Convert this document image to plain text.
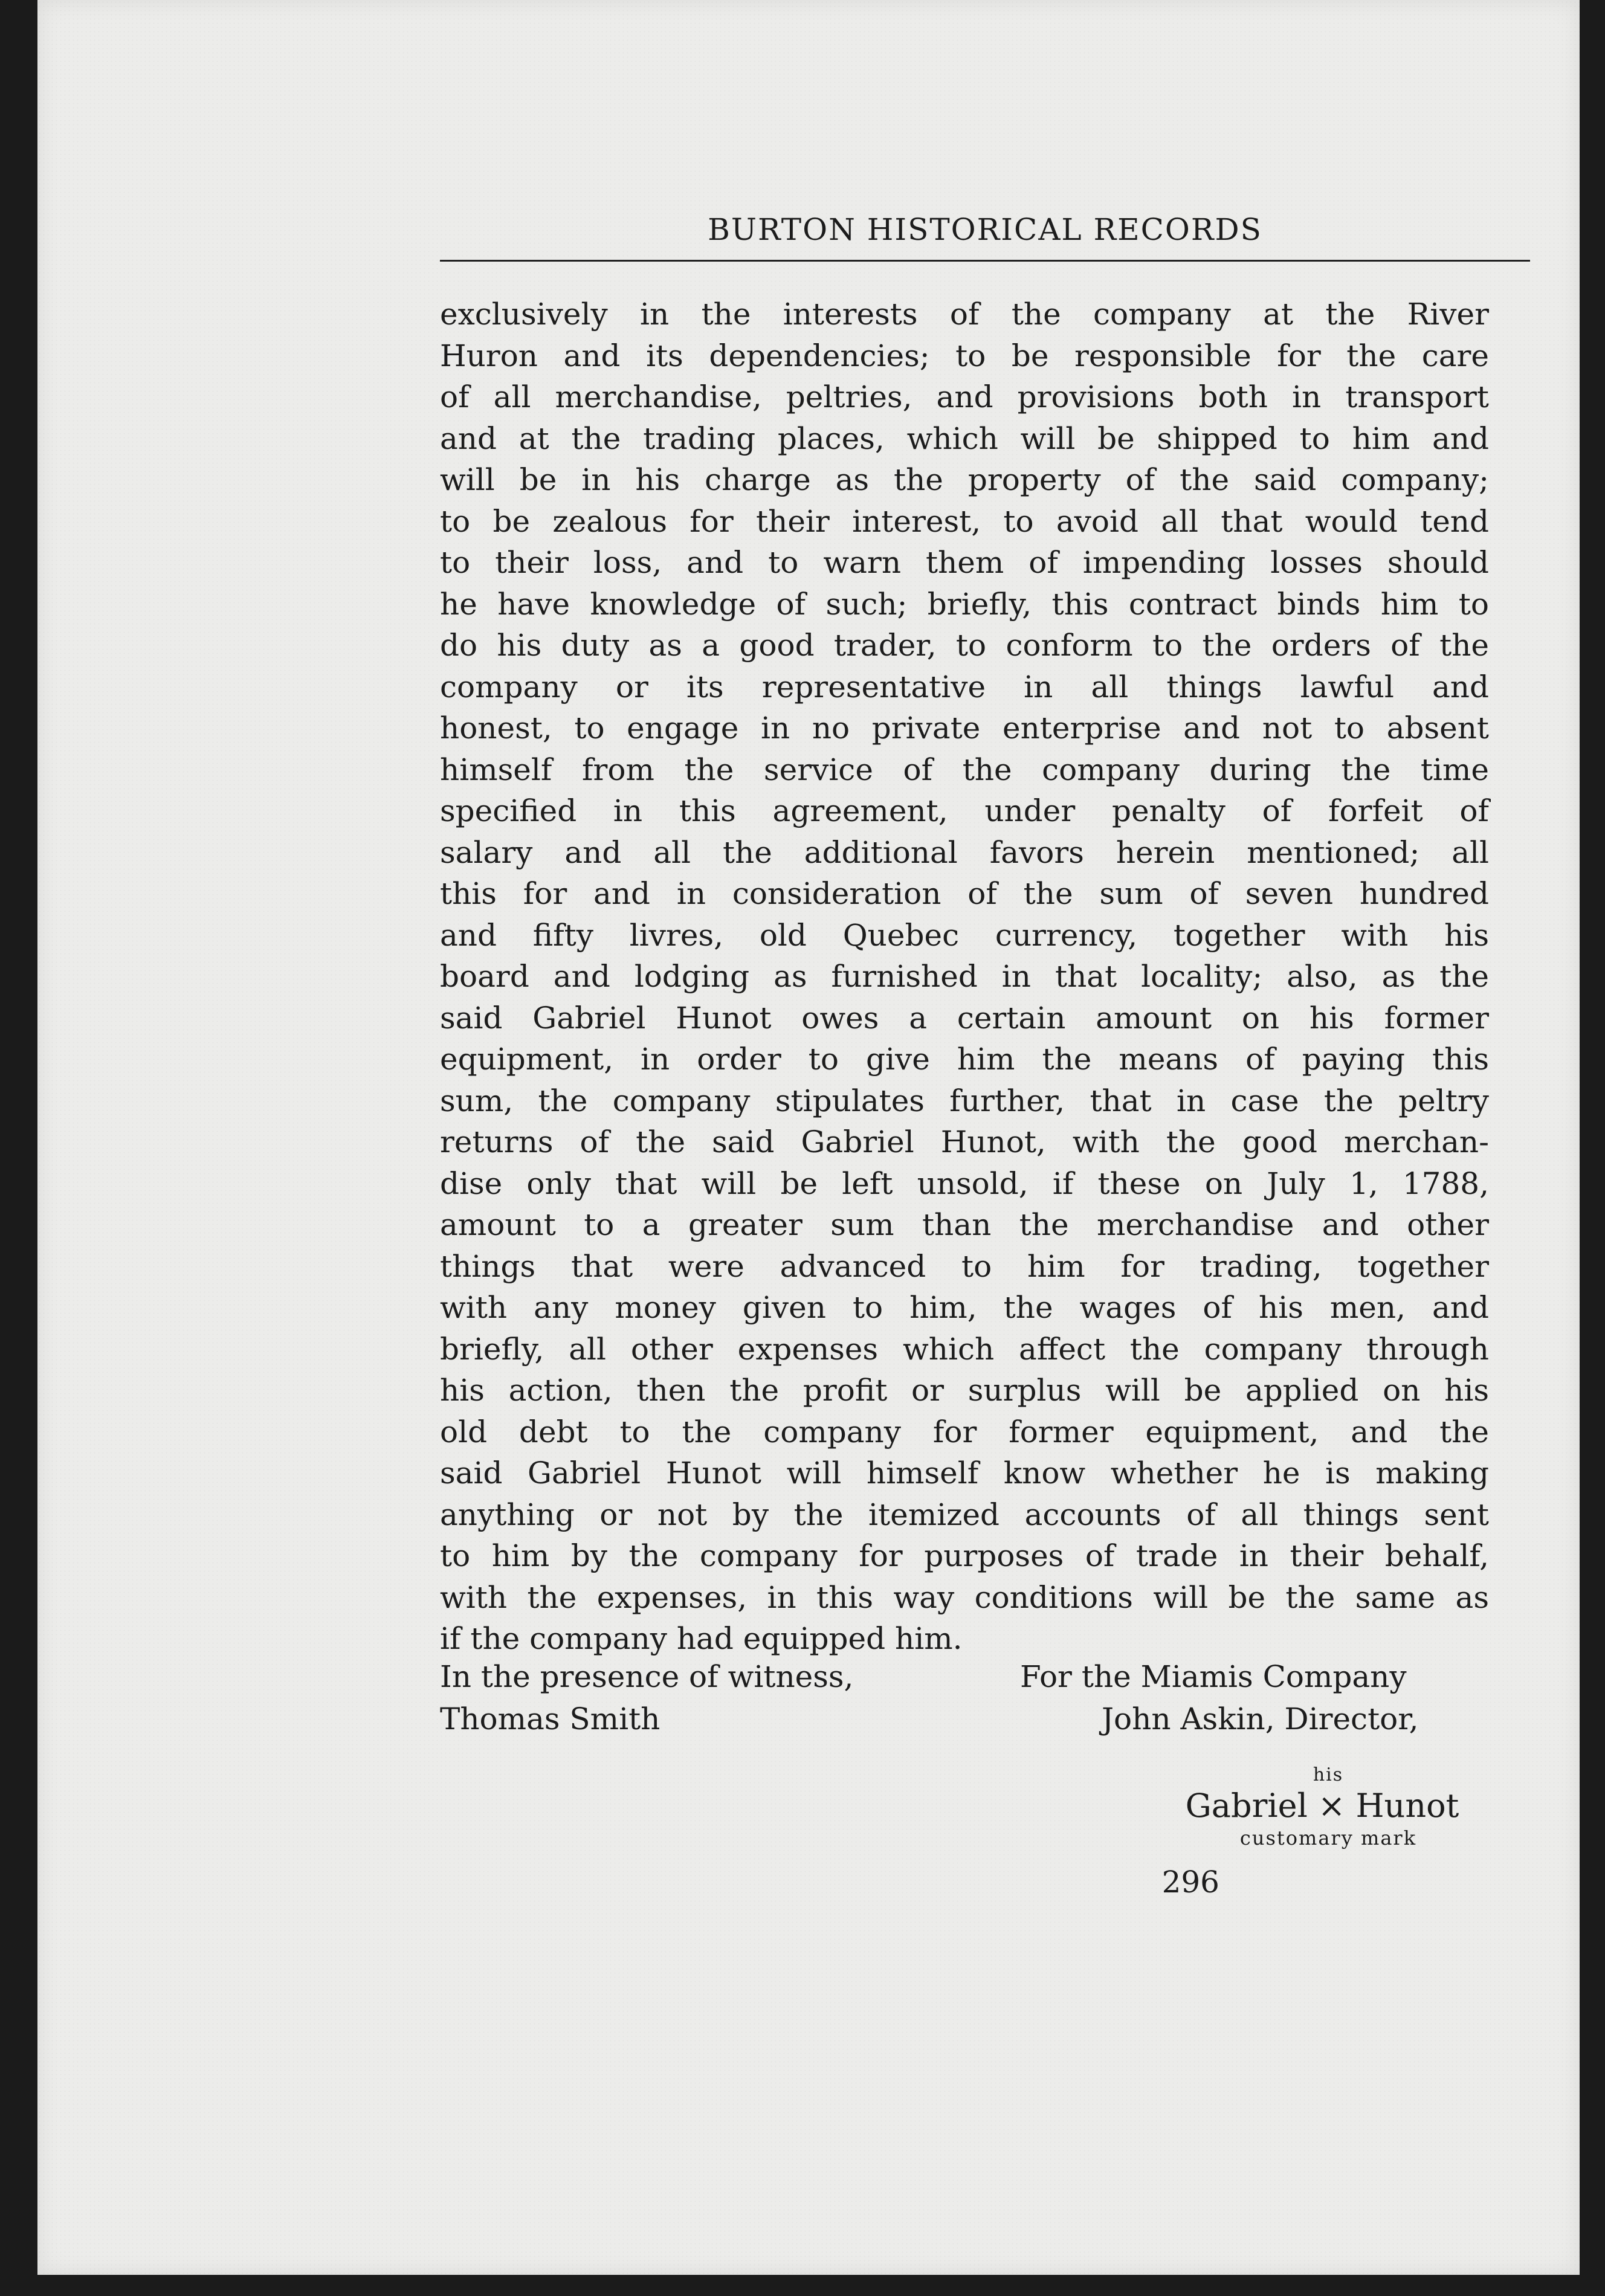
BURTON HISTORICAL RECORDS
exclusively in the interests of the company at the River
Huron and its dependencies; to be responsible for the care
of all merchandise, peltries, and provisions both in transport
and at the trading places, which will be shipped to him and
will be in his charge as the property of the said company;
to be zealous for their interest, to avoid all that would tend
to their loss, and to warn them of impending losses should
he have knowledge of such; briefly, this contract binds him to
do his duty as a good trader, to conform to the orders of the
company or its representative in all things lawful and
honest, to engage in no private enterprise and not to absent
himself from the service of the company during the time
specified in this agreement, under penalty of forfeit of
salary and all the additional favors herein mentioned; all
this for and in consideration of the sum of seven hundred
and fifty livres, old Quebec currency, together with his
board and lodging as furnished in that locality; also, as the
said Gabriel Hunot owes a certain amount on his former
equipment, in order to give him the means of paying this
sum, the company stipulates further, that in case the peltry
returns of the said Gabriel Hunot, with the good merchan-
dise only that will be left unsold, if these on July 1, 1788,
amount to a greater sum than the merchandise and other
things that were advanced to him for trading, together
with any money given to him, the wages of his men, and
briefly, all other expenses which affect the company through
his action, then the profit or surplus will be applied on his
old debt to the company for former equipment, and the
said Gabriel Hunot will himself know whether he is making
anything or not by the itemized accounts of all things sent
to him by the company for purposes of trade in their behalf,
with the expenses, in this way conditions will be the same as
if the company had equipped him.
In the presence of witness,
Thomas Smith
For the Miamis Company
John Askin, Director,
his
Gabriel × Hunot
customary mark
296
